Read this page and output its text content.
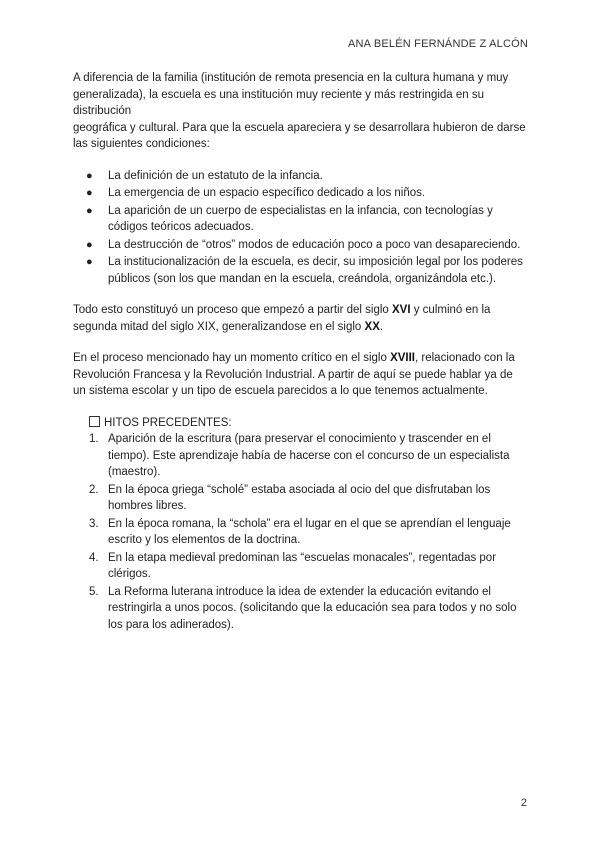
ANA BELÉN FERNÁNDE Z ALCÓN

A diferencia de la familia (institución de remota presencia en la cultura humana y muy generalizada), la escuela es una institución muy reciente y más restringida en su distribución
geográfica y cultural. Para que la escuela apareciera y se desarrollara hubieron de darse las siguientes condiciones:

● La definición de un estatuto de la infancia.
● La emergencia de un espacio específico dedicado a los niños.
● La aparición de un cuerpo de especialistas en la infancia, con tecnologías y códigos teóricos adecuados.
● La destrucción de “otros” modos de educación poco a poco van desapareciendo.
● La institucionalización de la escuela, es decir, su imposición legal por los poderes públicos (son los que mandan en la escuela, creándola, organizándola etc.).

Todo esto constituyó un proceso que empezó a partir del siglo XVI y culminó en la segunda mitad del siglo XIX, generalizandose en el siglo XX.

En el proceso mencionado hay un momento crítico en el siglo XVIII, relacionado con la Revolución Francesa y la Revolución Industrial. A partir de aquí se puede hablar ya de un sistema escolar y un tipo de escuela parecidos a lo que tenemos actualmente.

HITOS PRECEDENTES:
1. Aparición de la escritura (para preservar el conocimiento y trascender en el tiempo). Este aprendizaje había de hacerse con el concurso de un especialista (maestro).
2. En la época griega “scholé” estaba asociada al ocio del que disfrutaban los hombres libres.
3. En la época romana, la “schola” era el lugar en el que se aprendían el lenguaje escrito y los elementos de la doctrina.
4. En la etapa medieval predominan las “escuelas monacales”, regentadas por clérigos.
5. La Reforma luterana introduce la idea de extender la educación evitando el restringirla a unos pocos. (solicitando que la educación sea para todos y no solo los para los adinerados).
2
